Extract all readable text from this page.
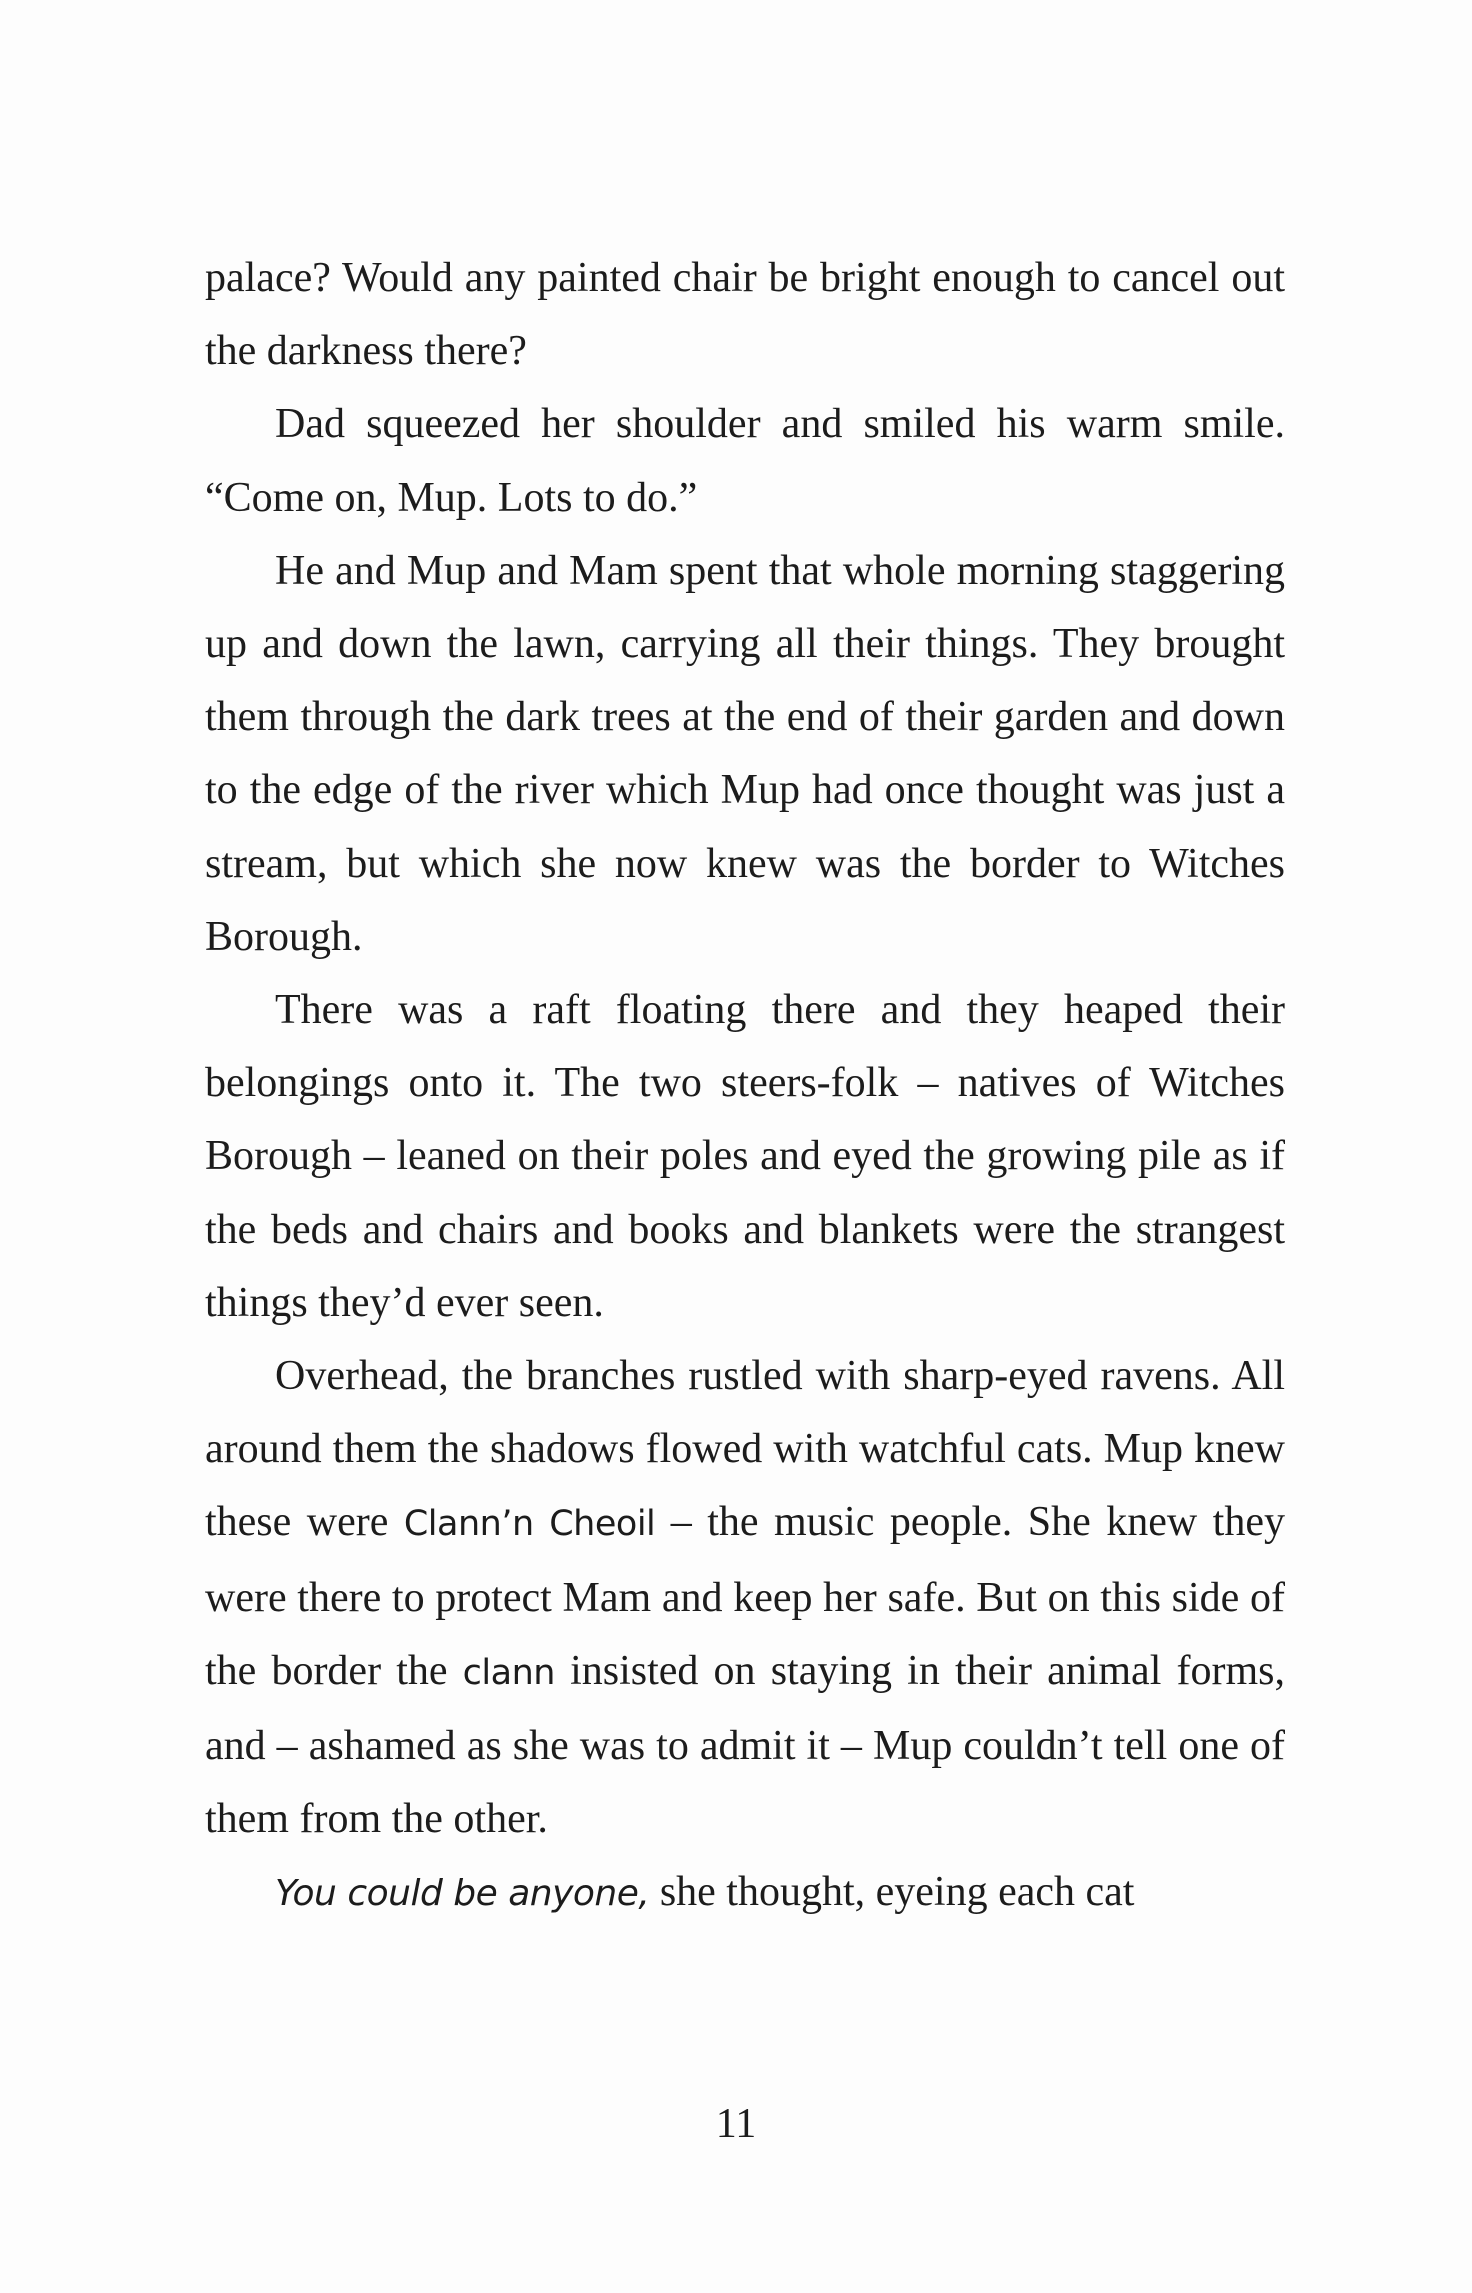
palace? Would any painted chair be bright enough to cancel out the darkness there?

Dad squeezed her shoulder and smiled his warm smile. “Come on, Mup. Lots to do.”

He and Mup and Mam spent that whole morning staggering up and down the lawn, carrying all their things. They brought them through the dark trees at the end of their garden and down to the edge of the river which Mup had once thought was just a stream, but which she now knew was the border to Witches Borough.

There was a raft floating there and they heaped their belongings onto it. The two steers-folk – natives of Witches Borough – leaned on their poles and eyed the growing pile as if the beds and chairs and books and blankets were the strangest things they’d ever seen.

Overhead, the branches rustled with sharp-eyed ravens. All around them the shadows flowed with watchful cats. Mup knew these were Clann’n Cheoil – the music people. She knew they were there to protect Mam and keep her safe. But on this side of the border the clann insisted on staying in their animal forms, and – ashamed as she was to admit it – Mup couldn’t tell one of them from the other.

You could be anyone, she thought, eyeing each cat

11
